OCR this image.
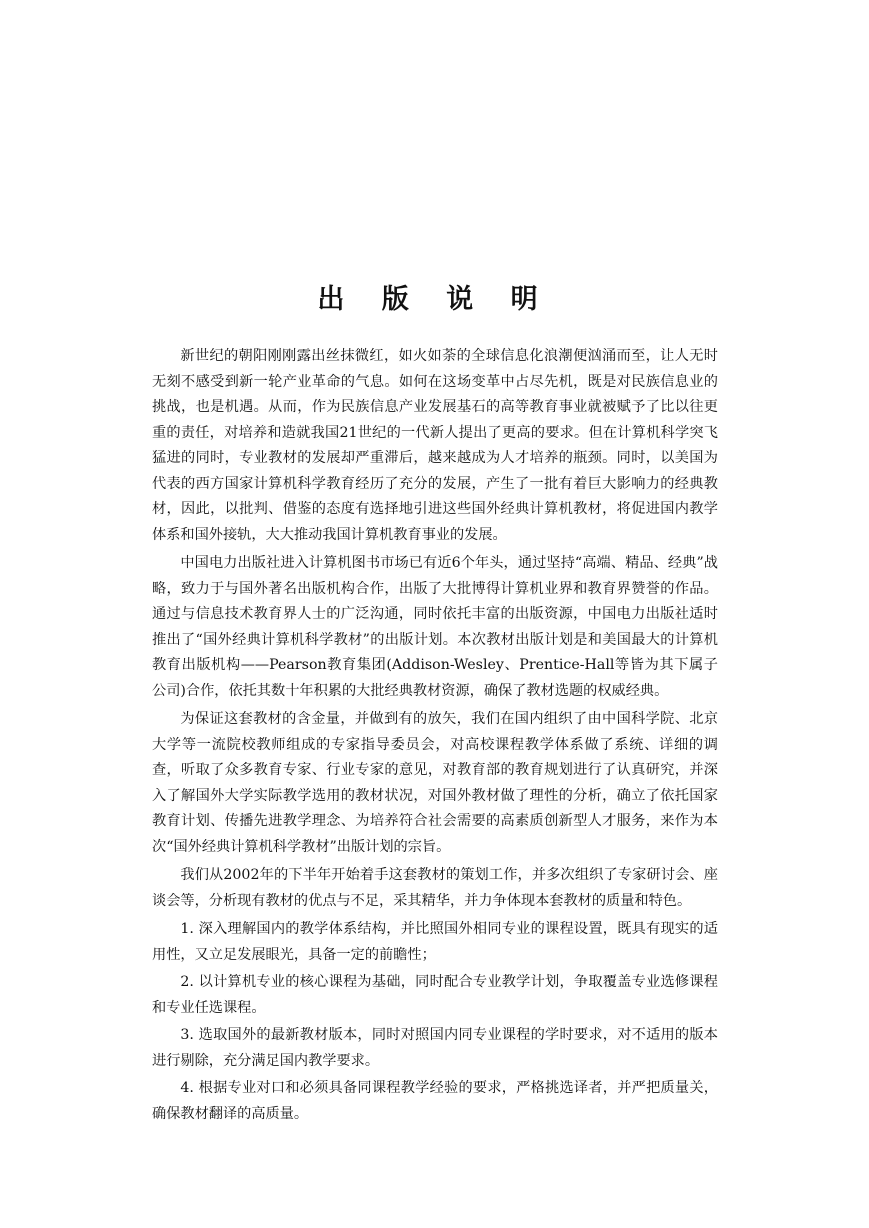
出 版 说 明

新世纪的朝阳刚刚露出丝抹微红，如火如荼的全球信息化浪潮便汹涌而至，让人无时无刻不感受到新一轮产业革命的气息。如何在这场变革中占尽先机，既是对民族信息业的挑战，也是机遇。从而，作为民族信息产业发展基石的高等教育事业就被赋予了比以往更重的责任，对培养和造就我国21世纪的一代新人提出了更高的要求。但在计算机科学突飞猛进的同时，专业教材的发展却严重滞后，越来越成为人才培养的瓶颈。同时，以美国为代表的西方国家计算机科学教育经历了充分的发展，产生了一批有着巨大影响力的经典教材，因此，以批判、借鉴的态度有选择地引进这些国外经典计算机教材，将促进国内教学体系和国外接轨，大大推动我国计算机教育事业的发展。

中国电力出版社进入计算机图书市场已有近6个年头，通过坚持“高端、精品、经典”战略，致力于与国外著名出版机构合作，出版了大批博得计算机业界和教育界赞誉的作品。通过与信息技术教育界人士的广泛沟通，同时依托丰富的出版资源，中国电力出版社适时推出了“国外经典计算机科学教材”的出版计划。本次教材出版计划是和美国最大的计算机教育出版机构——Pearson教育集团(Addison-Wesley、Prentice-Hall等皆为其下属子公司)合作，依托其数十年积累的大批经典教材资源，确保了教材选题的权威经典。

为保证这套教材的含金量，并做到有的放矢，我们在国内组织了由中国科学院、北京大学等一流院校教师组成的专家指导委员会，对高校课程教学体系做了系统、详细的调查，听取了众多教育专家、行业专家的意见，对教育部的教育规划进行了认真研究，并深入了解国外大学实际教学选用的教材状况，对国外教材做了理性的分析，确立了依托国家教育计划、传播先进教学理念、为培养符合社会需要的高素质创新型人才服务，来作为本次“国外经典计算机科学教材”出版计划的宗旨。

我们从2002年的下半年开始着手这套教材的策划工作，并多次组织了专家研讨会、座谈会等，分析现有教材的优点与不足，采其精华，并力争体现本套教材的质量和特色。

1. 深入理解国内的教学体系结构，并比照国外相同专业的课程设置，既具有现实的适用性，又立足发展眼光，具备一定的前瞻性；

2. 以计算机专业的核心课程为基础，同时配合专业教学计划，争取覆盖专业选修课程和专业任选课程。

3. 选取国外的最新教材版本，同时对照国内同专业课程的学时要求，对不适用的版本进行剔除，充分满足国内教学要求。

4. 根据专业对口和必须具备同课程教学经验的要求，严格挑选译者，并严把质量关，确保教材翻译的高质量。
